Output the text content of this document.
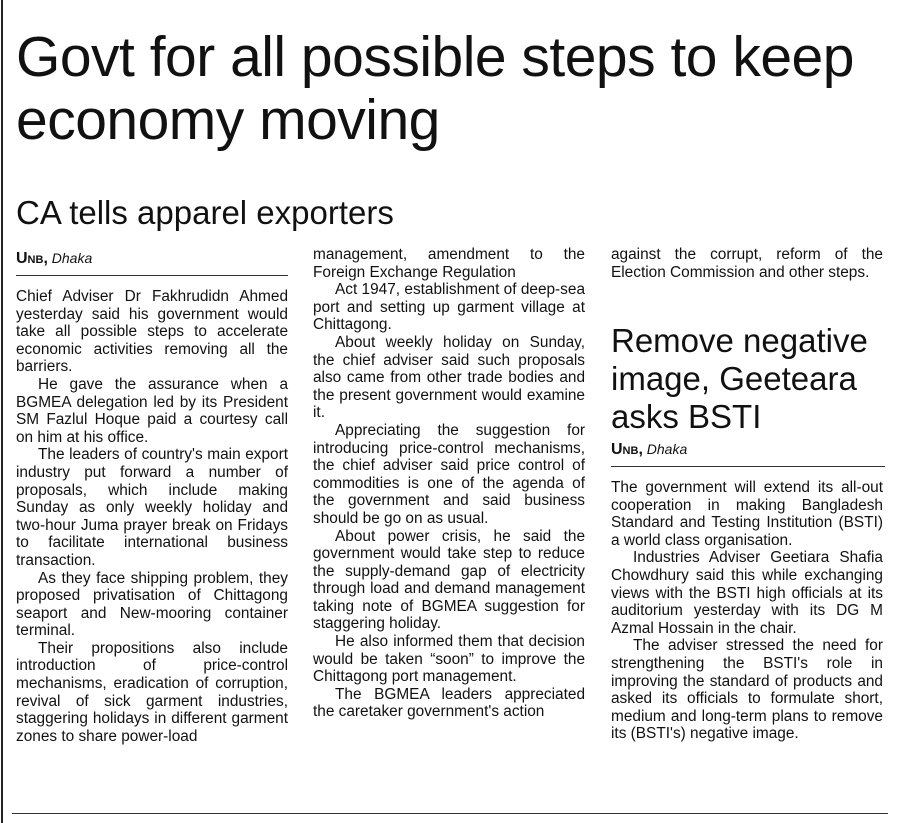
Govt for all possible steps to keep economy moving
CA tells apparel exporters
Unb, Dhaka

Chief Adviser Dr Fakhrudidn Ahmed yesterday said his government would take all possible steps to accelerate economic activities removing all the barriers.

He gave the assurance when a BGMEA delegation led by its President SM Fazlul Hoque paid a courtesy call on him at his office.

The leaders of country's main export industry put forward a number of proposals, which include making Sunday as only weekly holiday and two-hour Juma prayer break on Fridays to facilitate international business transaction.

As they face shipping problem, they proposed privatisation of Chittagong seaport and New-mooring container terminal.

Their propositions also include introduction of price-control mechanisms, eradication of corruption, revival of sick garment industries, staggering holidays in different garment zones to share power-load

management, amendment to the Foreign Exchange Regulation

Act 1947, establishment of deep-sea port and setting up garment village at Chittagong.

About weekly holiday on Sunday, the chief adviser said such proposals also came from other trade bodies and the present government would examine it.

Appreciating the suggestion for introducing price-control mechanisms, the chief adviser said price control of commodities is one of the agenda of the government and said business should be go on as usual.

About power crisis, he said the government would take step to reduce the supply-demand gap of electricity through load and demand management taking note of BGMEA suggestion for staggering holiday.

He also informed them that decision would be taken “soon” to improve the Chittagong port management.

The BGMEA leaders appreciated the caretaker government's action

against the corrupt, reform of the Election Commission and other steps.

Remove negative image, Geeteara asks BSTI
Unb, Dhaka

The government will extend its all-out cooperation in making Bangladesh Standard and Testing Institution (BSTI) a world class organisation.

Industries Adviser Geetiara Shafia Chowdhury said this while exchanging views with the BSTI high officials at its auditorium yesterday with its DG M Azmal Hossain in the chair.

The adviser stressed the need for strengthening the BSTI's role in improving the standard of products and asked its officials to formulate short, medium and long-term plans to remove its (BSTI's) negative image.
